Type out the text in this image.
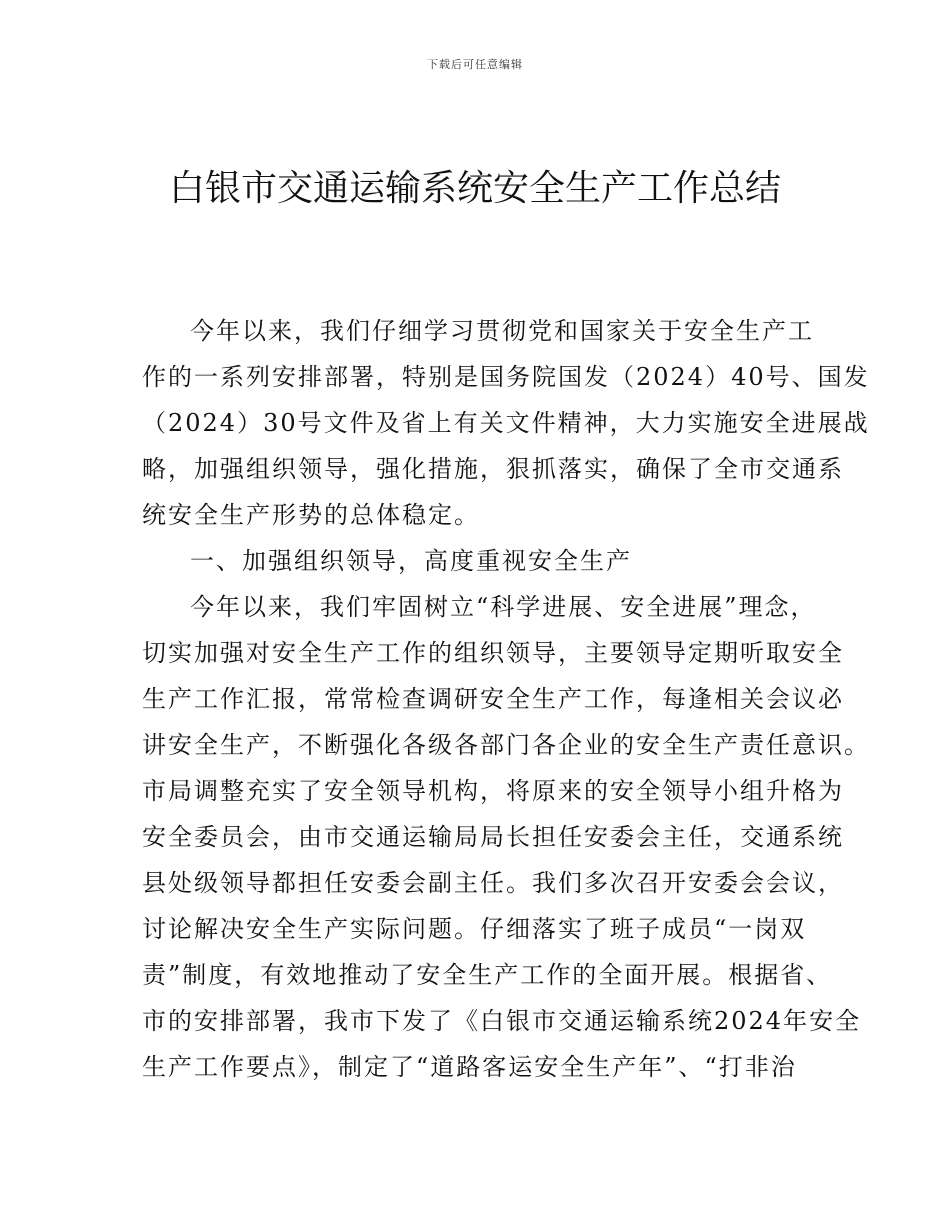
下载后可任意编辑
白银市交通运输系统安全生产工作总结
今年以来，我们仔细学习贯彻党和国家关于安全生产工
作的一系列安排部署，特别是国务院国发（2024）40号、国发
（2024）30号文件及省上有关文件精神，大力实施安全进展战
略，加强组织领导，强化措施，狠抓落实，确保了全市交通系
统安全生产形势的总体稳定。
一、加强组织领导，高度重视安全生产
今年以来，我们牢固树立“科学进展、安全进展”理念，
切实加强对安全生产工作的组织领导，主要领导定期听取安全
生产工作汇报，常常检查调研安全生产工作，每逢相关会议必
讲安全生产，不断强化各级各部门各企业的安全生产责任意识。
市局调整充实了安全领导机构，将原来的安全领导小组升格为
安全委员会，由市交通运输局局长担任安委会主任，交通系统
县处级领导都担任安委会副主任。我们多次召开安委会会议，
讨论解决安全生产实际问题。仔细落实了班子成员“一岗双
责”制度，有效地推动了安全生产工作的全面开展。根据省、
市的安排部署，我市下发了《白银市交通运输系统2024年安全
生产工作要点》，制定了“道路客运安全生产年”、“打非治
